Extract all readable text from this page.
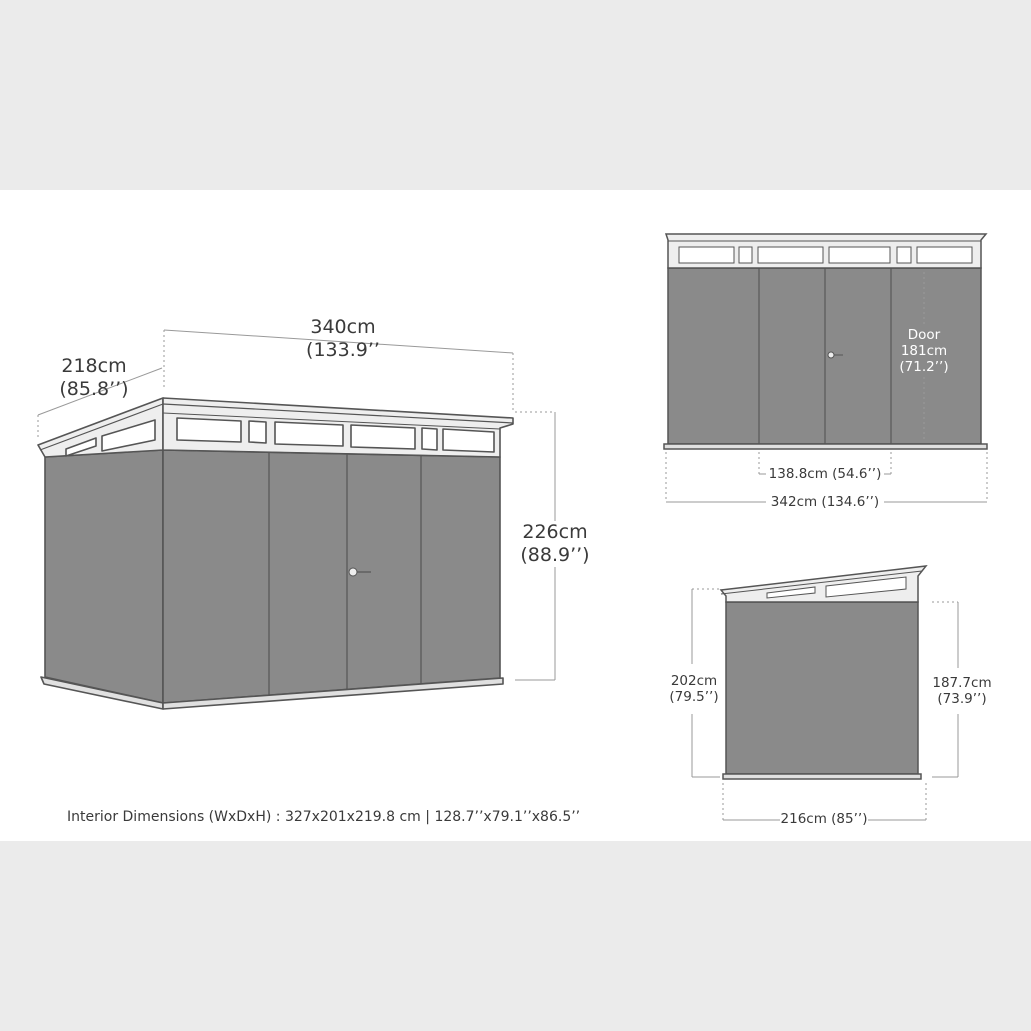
340cm
(133.9’’
218cm
(85.8’’)
226cm
(88.9’’)
Door
181cm
(71.2’’)
138.8cm (54.6’’)
342cm (134.6’’)
202cm
(79.5’’)
187.7cm
(73.9’’)
216cm (85’’)
Interior Dimensions (WxDxH) : 327x201x219.8 cm | 128.7’’x79.1’’x86.5’’
